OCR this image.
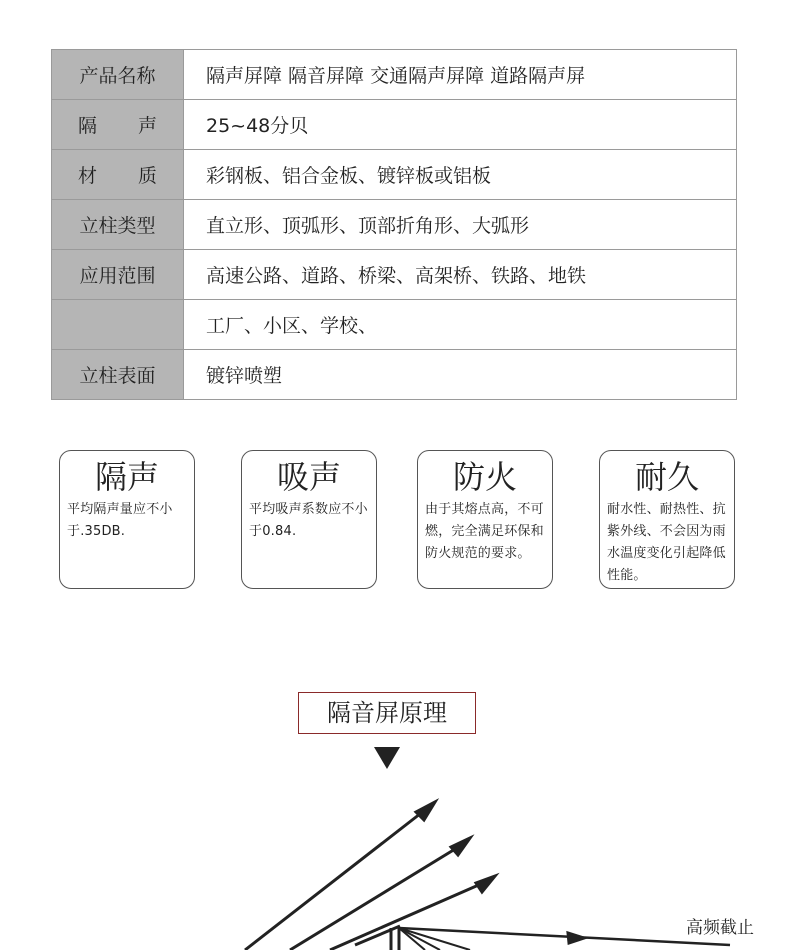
产品名称	隔声屏障 隔音屏障 交通隔声屏障 道路隔声屏

隔 声	25~48分贝

材 质	彩钢板、铝合金板、镀锌板或铝板
立柱类型	直立形、顶弧形、顶部折角形、大弧形
应用范围	高速公路、道路、桥梁、高架桥、铁路、地铁
	工厂、小区、学校、
立柱表面	镀锌喷塑
隔声
平均隔声量应不小于.35DB.
吸声
平均吸声系数应不小于0.84.
防火
由于其熔点高，不可燃，完全满足环保和防火规范的要求。
耐久
耐水性、耐热性、抗紫外线、不会因为雨水温度变化引起降低性能。
隔音屏原理
高频截止
